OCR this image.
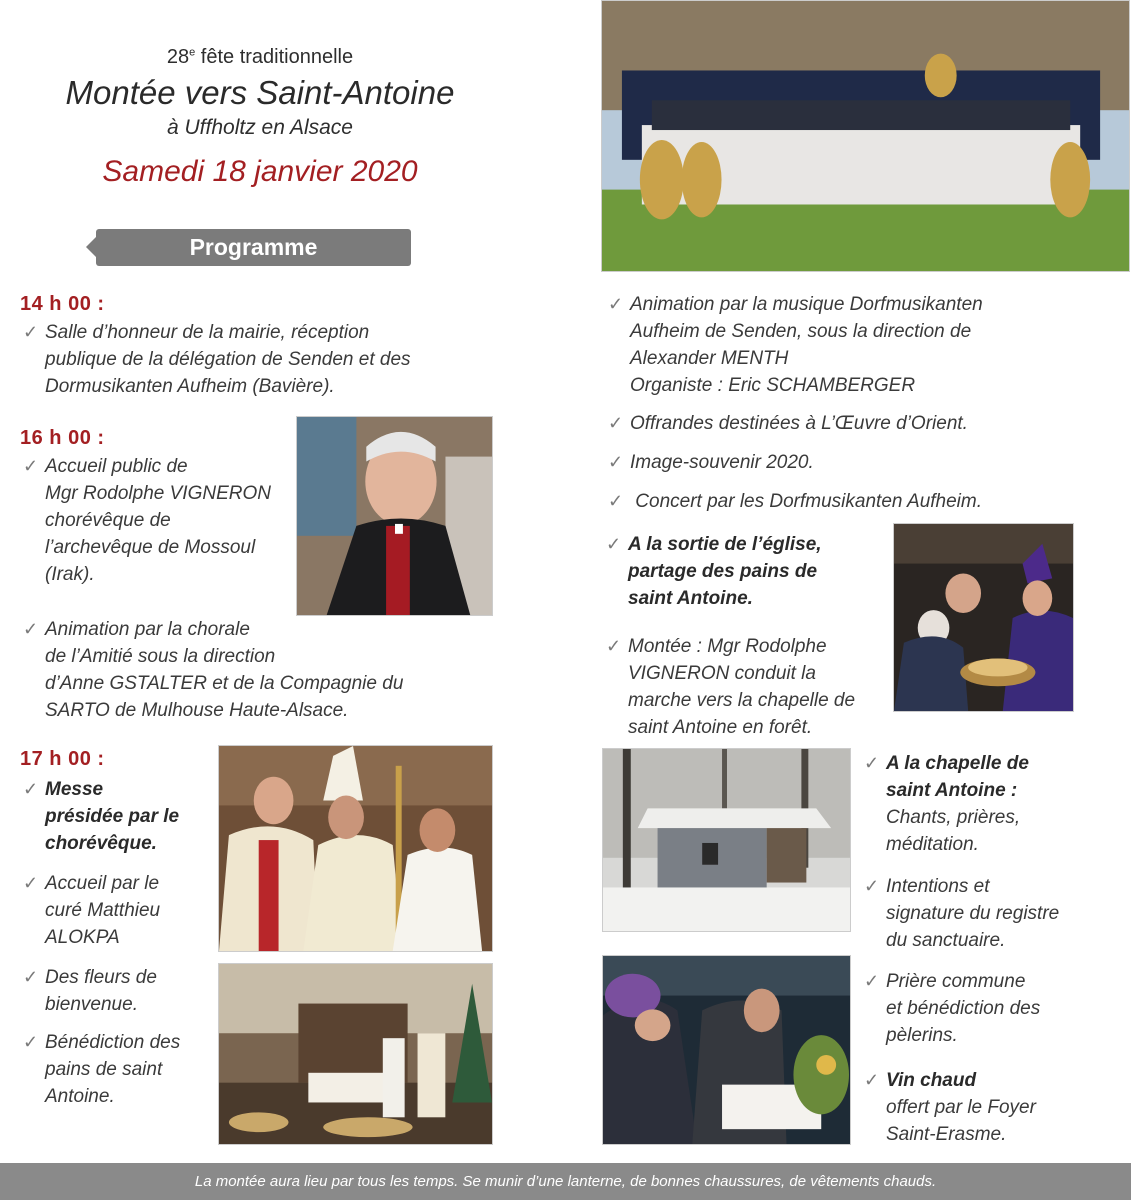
28e fête traditionnelle
Montée vers Saint-Antoine
à Uffholtz en Alsace
Samedi 18 janvier 2020
Programme
14 h 00 :
✓ Salle d’honneur de la mairie, réception
publique de la délégation de Senden et des
Dormusikanten Aufheim (Bavière).
16 h 00 :
✓ Accueil public de
Mgr Rodolphe VIGNERON
chorévêque de
l’archevêque de Mossoul
(Irak).
✓ Animation par la chorale
de l’Amitié sous la direction
d’Anne GSTALTER et de la Compagnie du
SARTO de Mulhouse Haute-Alsace.
17 h 00 :
✓ Messe
présidée par le
chorévêque.
✓ Accueil par le
curé Matthieu
ALOKPA
✓ Des fleurs de
bienvenue.
✓ Bénédiction des
pains de saint
Antoine.
✓ Animation par la musique Dorfmusikanten
Aufheim de Senden, sous la direction de
Alexander MENTH
Organiste : Eric SCHAMBERGER
✓ Offrandes destinées à L’Œuvre d’Orient.
✓ Image-souvenir 2020.
✓ Concert par les Dorfmusikanten Aufheim.
✓ A la sortie de l’église,
partage des pains de
saint Antoine.
✓ Montée : Mgr Rodolphe
VIGNERON conduit la
marche vers la chapelle de
saint Antoine en forêt.
✓ A la chapelle de
saint Antoine :
Chants, prières,
méditation.
✓ Intentions et
signature du registre
du sanctuaire.
✓ Prière commune
et bénédiction des
pèlerins.
✓ Vin chaud
offert par le Foyer
Saint-Erasme.
La montée aura lieu par tous les temps. Se munir d’une lanterne, de bonnes chaussures, de vêtements chauds.
